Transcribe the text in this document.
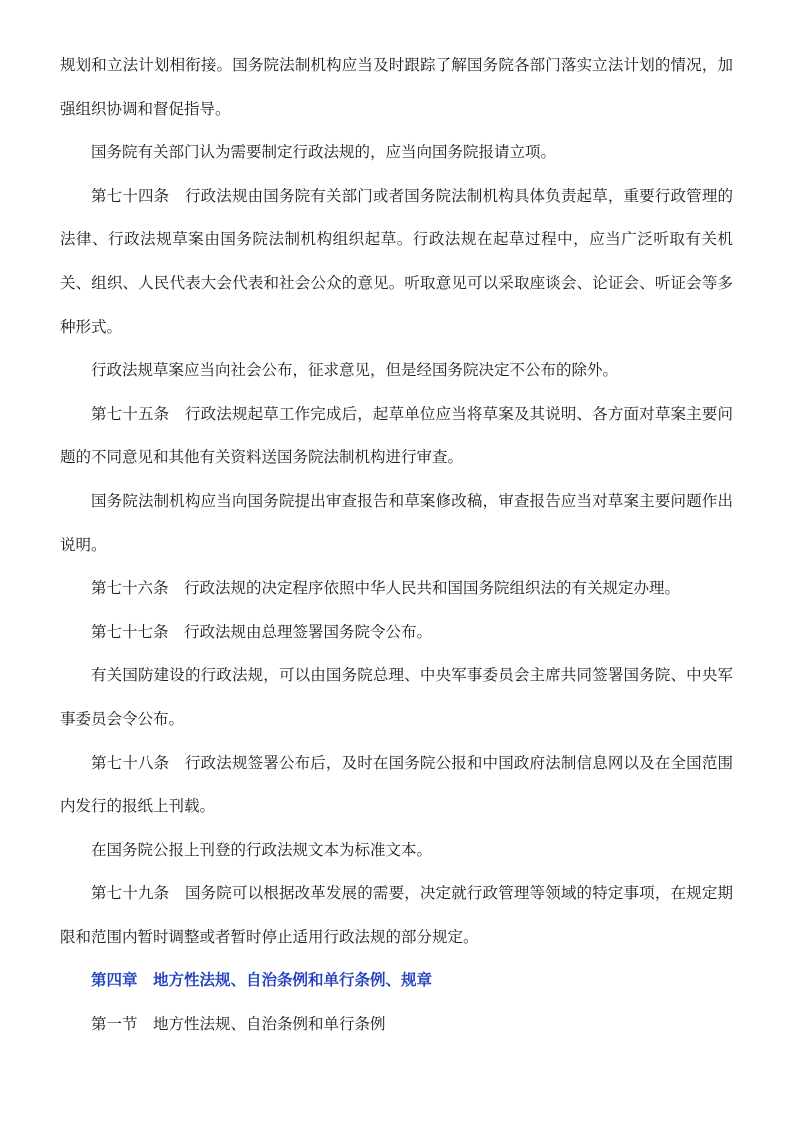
规划和立法计划相衔接。国务院法制机构应当及时跟踪了解国务院各部门落实立法计划的情况，加强组织协调和督促指导。

国务院有关部门认为需要制定行政法规的，应当向国务院报请立项。

第七十四条　行政法规由国务院有关部门或者国务院法制机构具体负责起草，重要行政管理的法律、行政法规草案由国务院法制机构组织起草。行政法规在起草过程中，应当广泛听取有关机关、组织、人民代表大会代表和社会公众的意见。听取意见可以采取座谈会、论证会、听证会等多种形式。

行政法规草案应当向社会公布，征求意见，但是经国务院决定不公布的除外。

第七十五条　行政法规起草工作完成后，起草单位应当将草案及其说明、各方面对草案主要问题的不同意见和其他有关资料送国务院法制机构进行审查。

国务院法制机构应当向国务院提出审查报告和草案修改稿，审查报告应当对草案主要问题作出说明。

第七十六条　行政法规的决定程序依照中华人民共和国国务院组织法的有关规定办理。

第七十七条　行政法规由总理签署国务院令公布。

有关国防建设的行政法规，可以由国务院总理、中央军事委员会主席共同签署国务院、中央军事委员会令公布。

第七十八条　行政法规签署公布后，及时在国务院公报和中国政府法制信息网以及在全国范围内发行的报纸上刊载。

在国务院公报上刊登的行政法规文本为标准文本。

第七十九条　国务院可以根据改革发展的需要，决定就行政管理等领域的特定事项，在规定期限和范围内暂时调整或者暂时停止适用行政法规的部分规定。

第四章　地方性法规、自治条例和单行条例、规章

第一节　地方性法规、自治条例和单行条例
